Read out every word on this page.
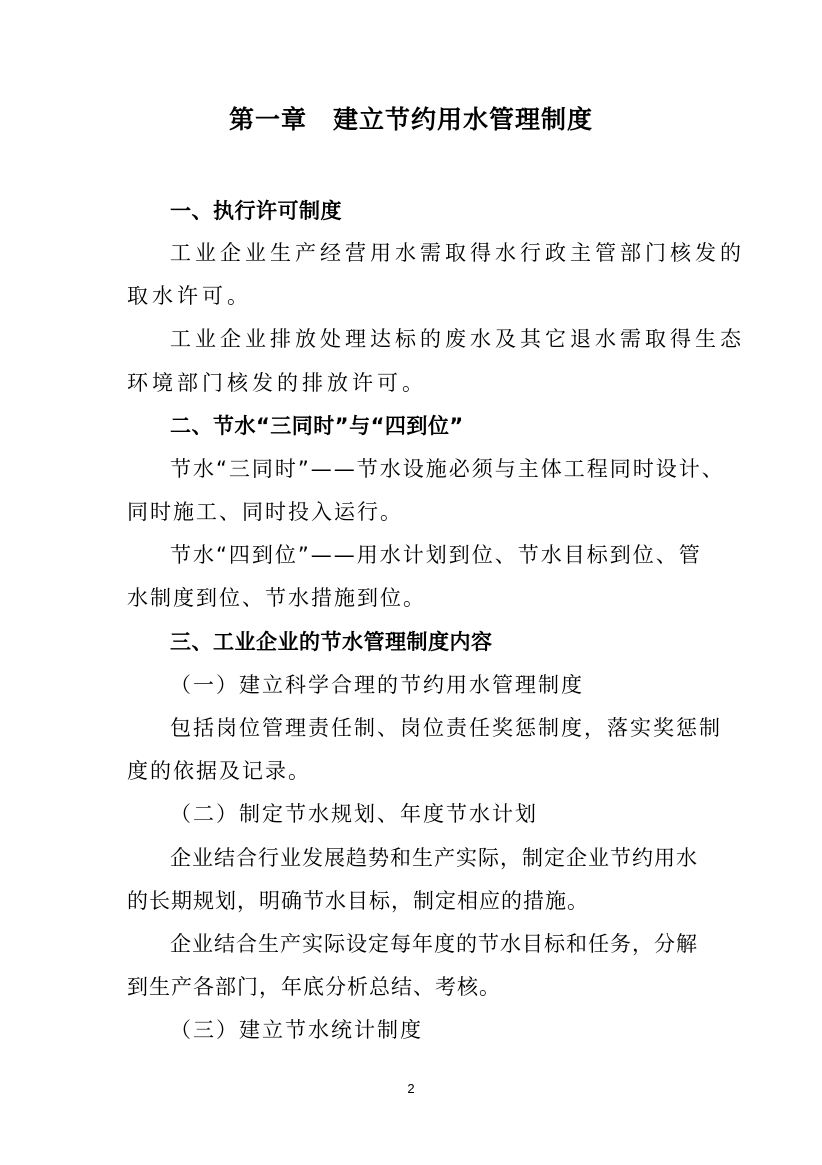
第一章　建立节约用水管理制度
一、执行许可制度
工业企业生产经营用水需取得水行政主管部门核发的
取水许可。
工业企业排放处理达标的废水及其它退水需取得生态
环境部门核发的排放许可。
二、节水“三同时”与“四到位”
节水“三同时”——节水设施必须与主体工程同时设计、
同时施工、同时投入运行。
节水“四到位”——用水计划到位、节水目标到位、管
水制度到位、节水措施到位。
三、工业企业的节水管理制度内容
（一）建立科学合理的节约用水管理制度
包括岗位管理责任制、岗位责任奖惩制度，落实奖惩制
度的依据及记录。
（二）制定节水规划、年度节水计划
企业结合行业发展趋势和生产实际，制定企业节约用水
的长期规划，明确节水目标，制定相应的措施。
企业结合生产实际设定每年度的节水目标和任务，分解
到生产各部门，年底分析总结、考核。
（三）建立节水统计制度
2
